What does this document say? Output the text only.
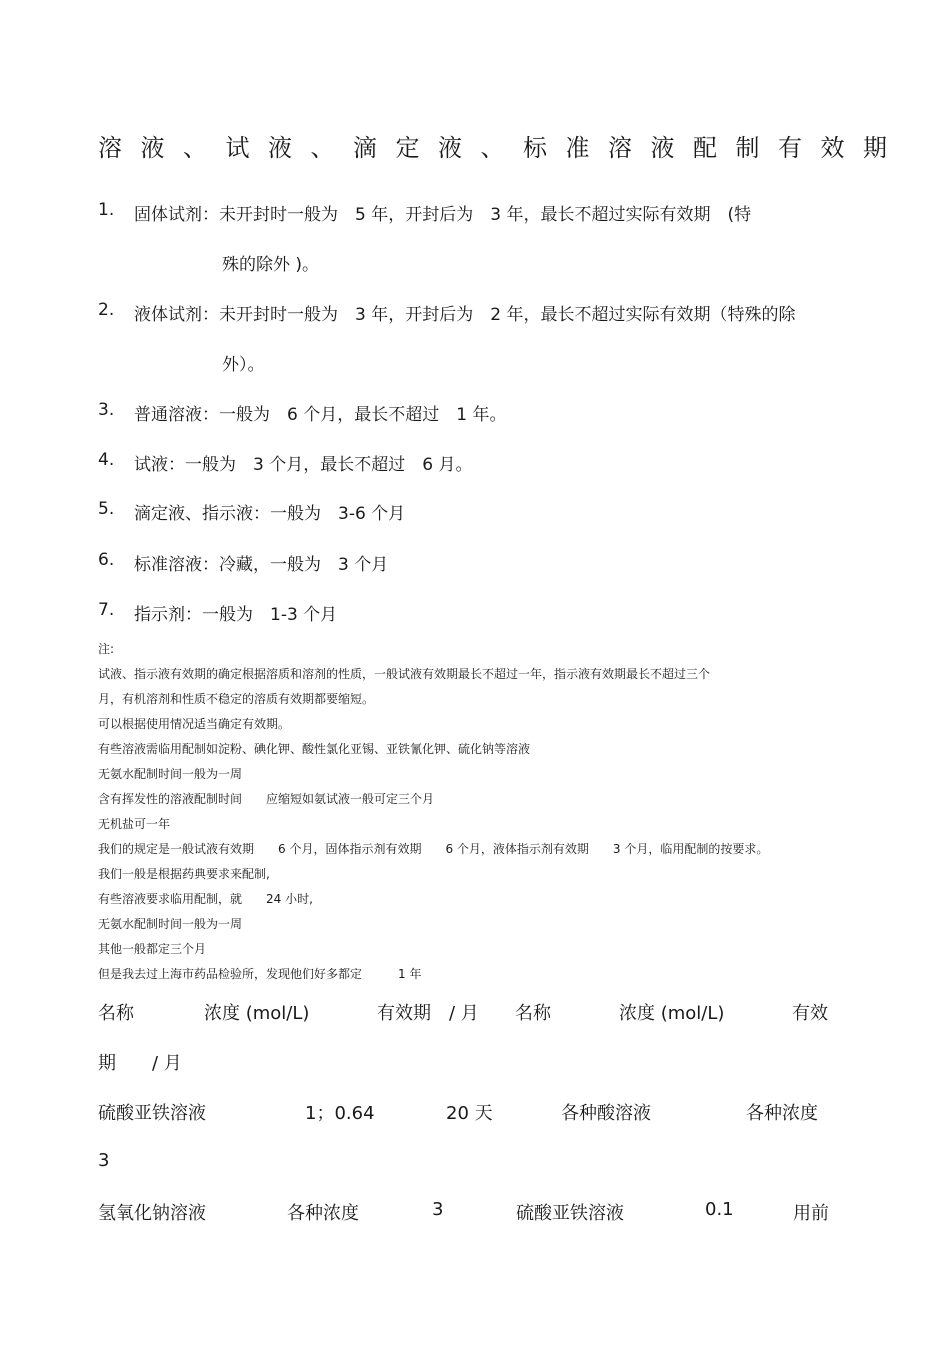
溶液、试液、滴定液、标准溶液配制有效期
1. 固体试剂：未开封时一般为　5 年，开封后为　3 年，最长不超过实际有效期　(特
殊的除外 )。
2. 液体试剂：未开封时一般为　3 年，开封后为　2 年，最长不超过实际有效期（特殊的除
外）。
3. 普通溶液：一般为　6 个月，最长不超过　1 年。
4. 试液：一般为　3 个月，最长不超过　6 月。
5. 滴定液、指示液：一般为　3-6 个月
6. 标准溶液：冷藏，一般为　3 个月
7. 指示剂：一般为　1-3 个月
注:
试液、指示液有效期的确定根据溶质和溶剂的性质，一般试液有效期最长不超过一年，指示液有效期最长不超过三个
月，有机溶剂和性质不稳定的溶质有效期都要缩短。
可以根据使用情况适当确定有效期。
有些溶液需临用配制如淀粉、碘化钾、酸性氯化亚锡、亚铁氰化钾、硫化钠等溶液
无氨水配制时间一般为一周
含有挥发性的溶液配制时间　　应缩短如氨试液一般可定三个月
无机盐可一年
我们的规定是一般试液有效期　　6 个月，固体指示剂有效期　　6 个月，液体指示剂有效期　　3 个月，临用配制的按要求。
我们一般是根据药典要求来配制,
有些溶液要求临用配制，就　　24 小时,
无氨水配制时间一般为一周
其他一般都定三个月
但是我去过上海市药品检验所，发现他们好多都定　　　1 年
名称	浓度 (mol/L)	有效期　/ 月 名称	浓度 (mol/L)	有效
期　　/ 月
硫酸亚铁溶液	1；0.64	20 天	各种酸溶液	各种浓度
3
氢氧化钠溶液	各种浓度	3	硫酸亚铁溶液	0.1	用前
